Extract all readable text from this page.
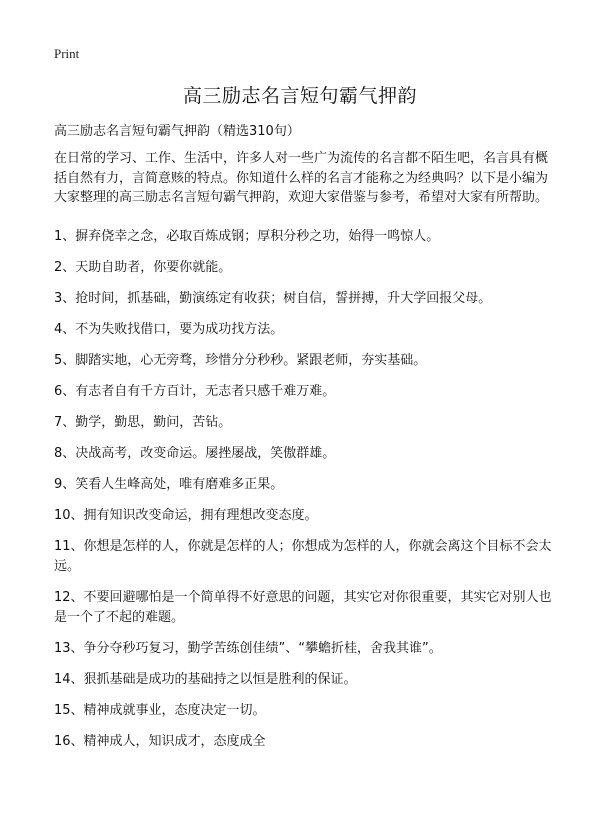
Print
高三励志名言短句霸气押韵
高三励志名言短句霸气押韵（精选310句）
在日常的学习、工作、生活中，许多人对一些广为流传的名言都不陌生吧，名言具有概括自然有力，言简意赅的特点。你知道什么样的名言才能称之为经典吗？以下是小编为大家整理的高三励志名言短句霸气押韵，欢迎大家借鉴与参考，希望对大家有所帮助。
1、摒弃侥幸之念，必取百炼成钢；厚积分秒之功，始得一鸣惊人。
2、天助自助者，你要你就能。
3、抢时间，抓基础，勤演练定有收获；树自信，誓拼搏，升大学回报父母。
4、不为失败找借口，要为成功找方法。
5、脚踏实地，心无旁骛，珍惜分分秒秒。紧跟老师，夯实基础。
6、有志者自有千方百计，无志者只感千难万难。
7、勤学，勤思，勤问，苦钻。
8、决战高考，改变命运。屡挫屡战，笑傲群雄。
9、笑看人生峰高处，唯有磨难多正果。
10、拥有知识改变命运，拥有理想改变态度。
11、你想是怎样的人，你就是怎样的人；你想成为怎样的人，你就会离这个目标不会太远。
12、不要回避哪怕是一个简单得不好意思的问题，其实它对你很重要，其实它对别人也是一个了不起的难题。
13、争分夺秒巧复习，勤学苦练创佳绩”、“攀蟾折桂，舍我其谁”。
14、狠抓基础是成功的基础持之以恒是胜利的保证。
15、精神成就事业，态度决定一切。
16、精神成人，知识成才，态度成全
